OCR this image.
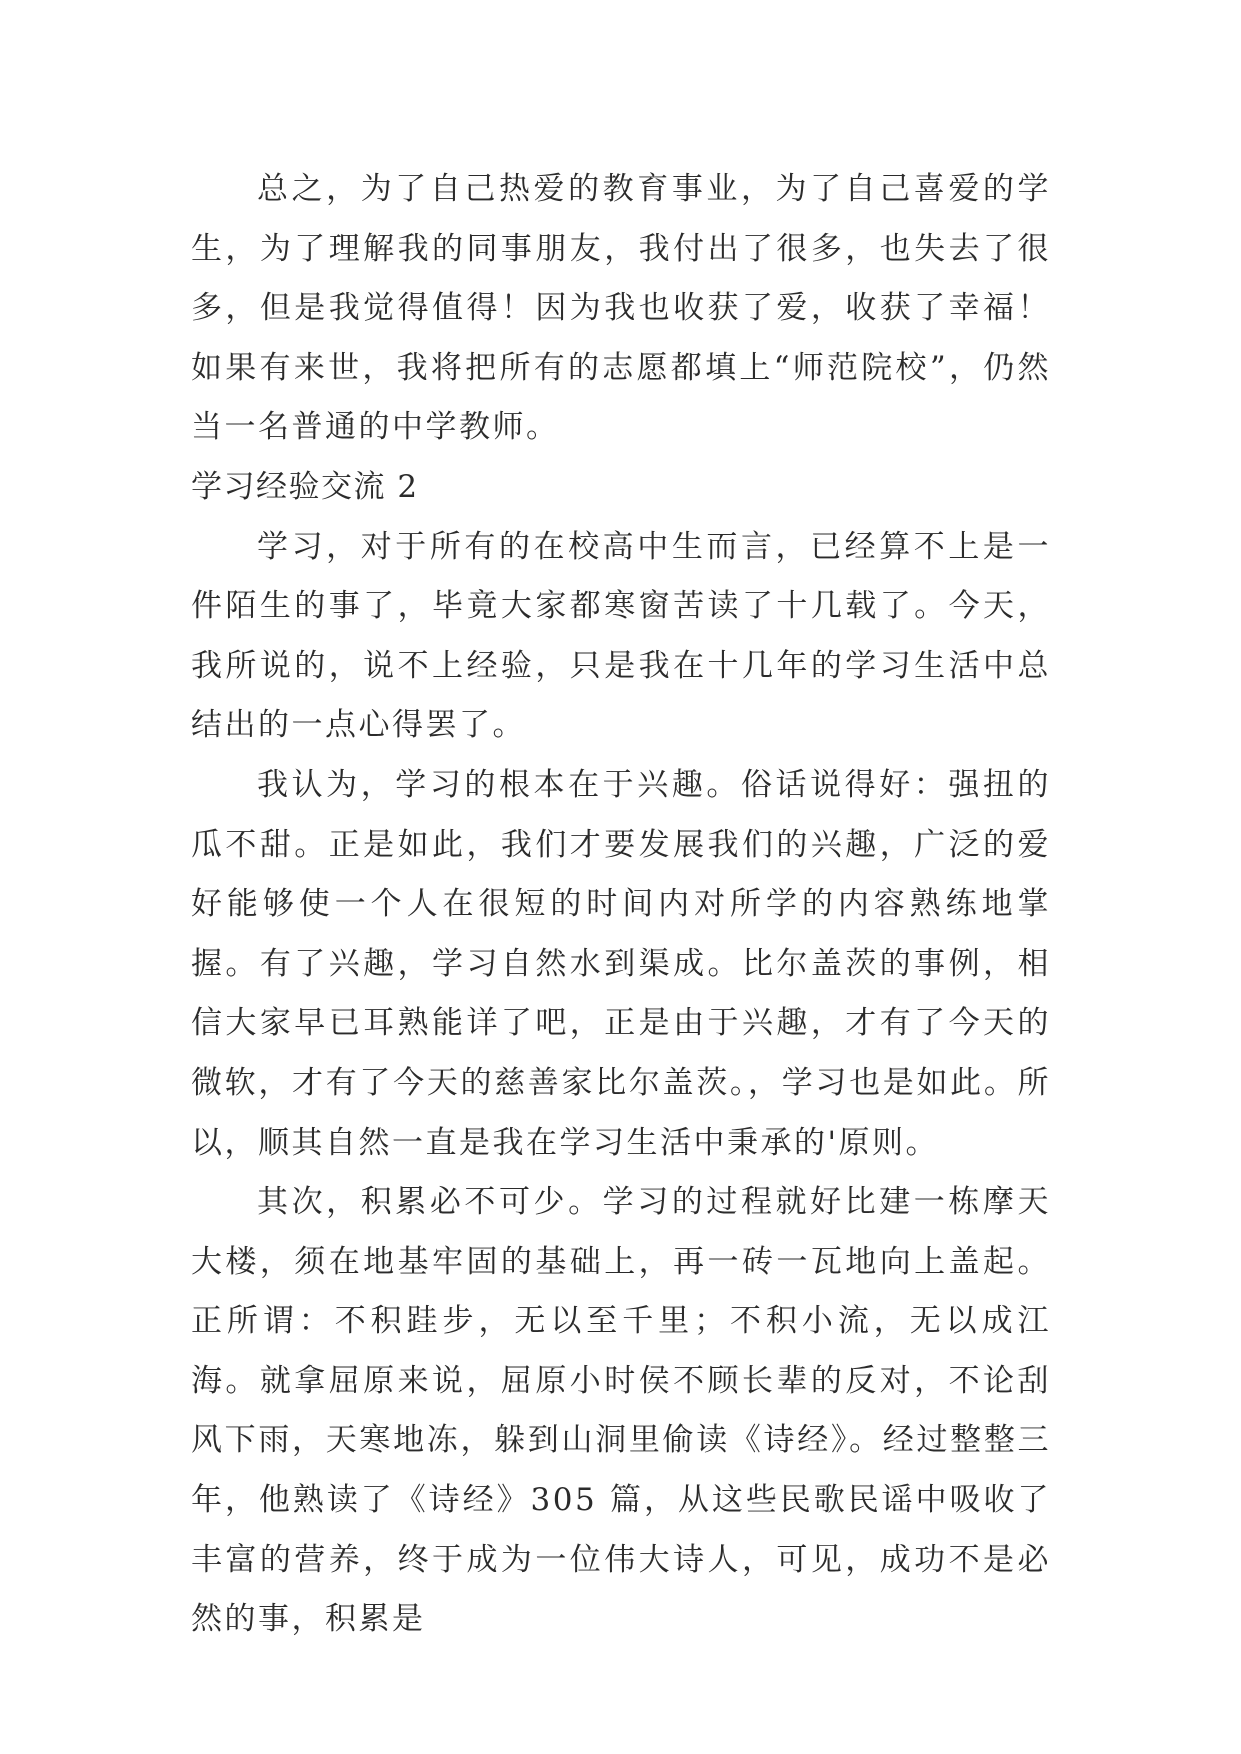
总之，为了自己热爱的教育事业，为了自己喜爱的学生，为了理解我的同事朋友，我付出了很多，也失去了很多，但是我觉得值得！因为我也收获了爱，收获了幸福！如果有来世，我将把所有的志愿都填上“师范院校”，仍然当一名普通的中学教师。

学习经验交流 2

学习，对于所有的在校高中生而言，已经算不上是一件陌生的事了，毕竟大家都寒窗苦读了十几载了。今天，我所说的，说不上经验，只是我在十几年的学习生活中总结出的一点心得罢了。

我认为，学习的根本在于兴趣。俗话说得好：强扭的瓜不甜。正是如此，我们才要发展我们的兴趣，广泛的爱好能够使一个人在很短的时间内对所学的内容熟练地掌握。有了兴趣，学习自然水到渠成。比尔盖茨的事例，相信大家早已耳熟能详了吧，正是由于兴趣，才有了今天的微软，才有了今天的慈善家比尔盖茨。，学习也是如此。所以，顺其自然一直是我在学习生活中秉承的'原则。

其次，积累必不可少。学习的过程就好比建一栋摩天大楼，须在地基牢固的基础上，再一砖一瓦地向上盖起。正所谓：不积跬步，无以至千里；不积小流，无以成江海。就拿屈原来说，屈原小时侯不顾长辈的反对，不论刮风下雨，天寒地冻，躲到山洞里偷读《诗经》。经过整整三年，他熟读了《诗经》305 篇，从这些民歌民谣中吸收了丰富的营养，终于成为一位伟大诗人，可见，成功不是必然的事，积累是
